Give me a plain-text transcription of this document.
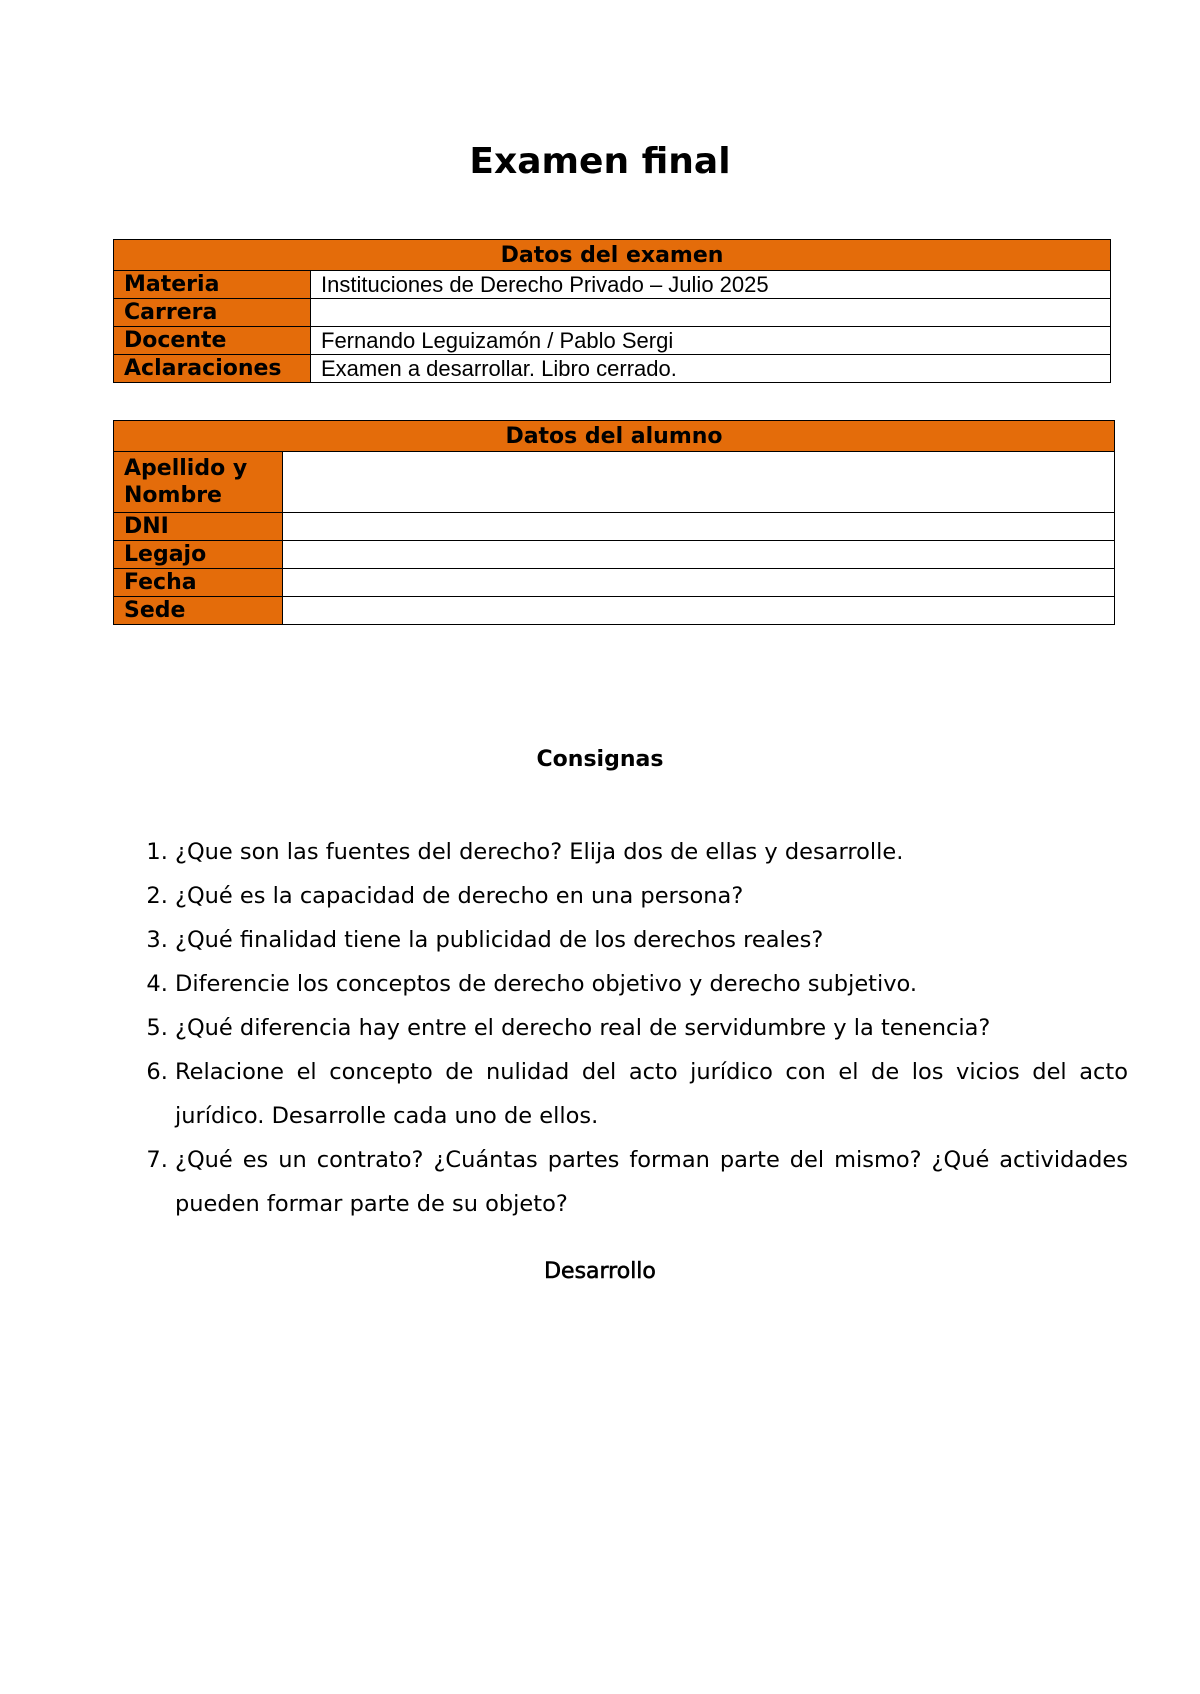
Examen final
Datos del examen	
Materia	Instituciones de Derecho Privado – Julio 2025
Carrera	
Docente	Fernando Leguizamón / Pablo Sergi
Aclaraciones	Examen a desarrollar. Libro cerrado.
Datos del alumno	
Apellido y Nombre	
DNI	
Legajo	
Fecha	
Sede	
Consignas
1. ¿Que son las fuentes del derecho? Elija dos de ellas y desarrolle.
2. ¿Qué es la capacidad de derecho en una persona?
3. ¿Qué finalidad tiene la publicidad de los derechos reales?
4. Diferencie los conceptos de derecho objetivo y derecho subjetivo.
5. ¿Qué diferencia hay entre el derecho real de servidumbre y la tenencia?
6. Relacione el concepto de nulidad del acto jurídico con el de los vicios del acto jurídico. Desarrolle cada uno de ellos.
7. ¿Qué es un contrato? ¿Cuántas partes forman parte del mismo? ¿Qué actividades pueden formar parte de su objeto?
Desarrollo
